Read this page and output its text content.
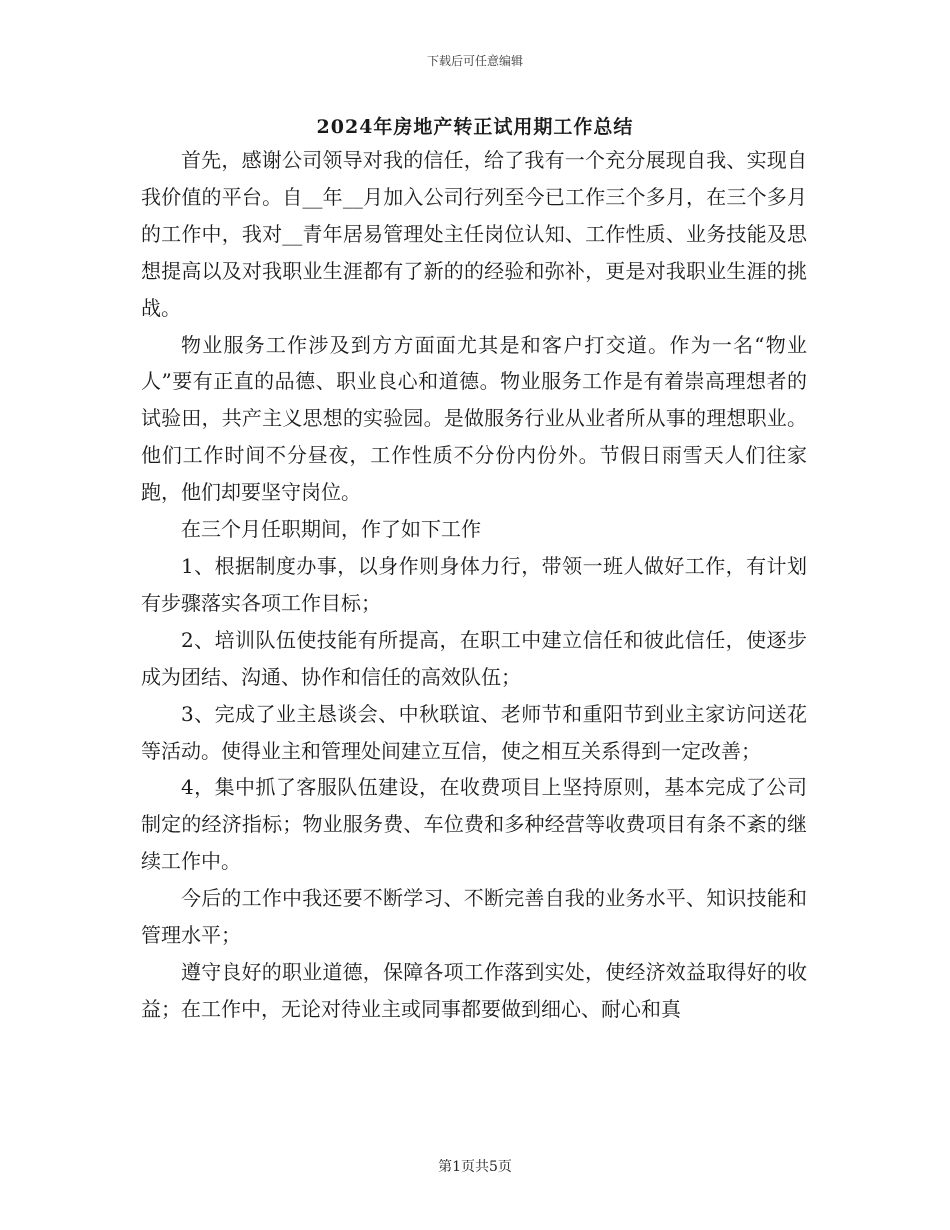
下载后可任意编辑
2024年房地产转正试用期工作总结

首先，感谢公司领导对我的信任，给了我有一个充分展现自我、实现自我价值的平台。自__年__月加入公司行列至今已工作三个多月，在三个多月的工作中，我对__青年居易管理处主任岗位认知、工作性质、业务技能及思想提高以及对我职业生涯都有了新的的经验和弥补，更是对我职业生涯的挑战。

物业服务工作涉及到方方面面尤其是和客户打交道。作为一名“物业人”要有正直的品德、职业良心和道德。物业服务工作是有着崇高理想者的试验田，共产主义思想的实验园。是做服务行业从业者所从事的理想职业。他们工作时间不分昼夜，工作性质不分份内份外。节假日雨雪天人们往家跑，他们却要坚守岗位。

在三个月任职期间，作了如下工作

1、根据制度办事，以身作则身体力行，带领一班人做好工作，有计划有步骤落实各项工作目标；

2、培训队伍使技能有所提高，在职工中建立信任和彼此信任，使逐步成为团结、沟通、协作和信任的高效队伍；

3、完成了业主恳谈会、中秋联谊、老师节和重阳节到业主家访问送花等活动。使得业主和管理处间建立互信，使之相互关系得到一定改善；

4，集中抓了客服队伍建设，在收费项目上坚持原则，基本完成了公司制定的经济指标；物业服务费、车位费和多种经营等收费项目有条不紊的继续工作中。

今后的工作中我还要不断学习、不断完善自我的业务水平、知识技能和管理水平；

遵守良好的职业道德，保障各项工作落到实处，使经济效益取得好的收益；在工作中，无论对待业主或同事都要做到细心、耐心和真

第1页共5页
